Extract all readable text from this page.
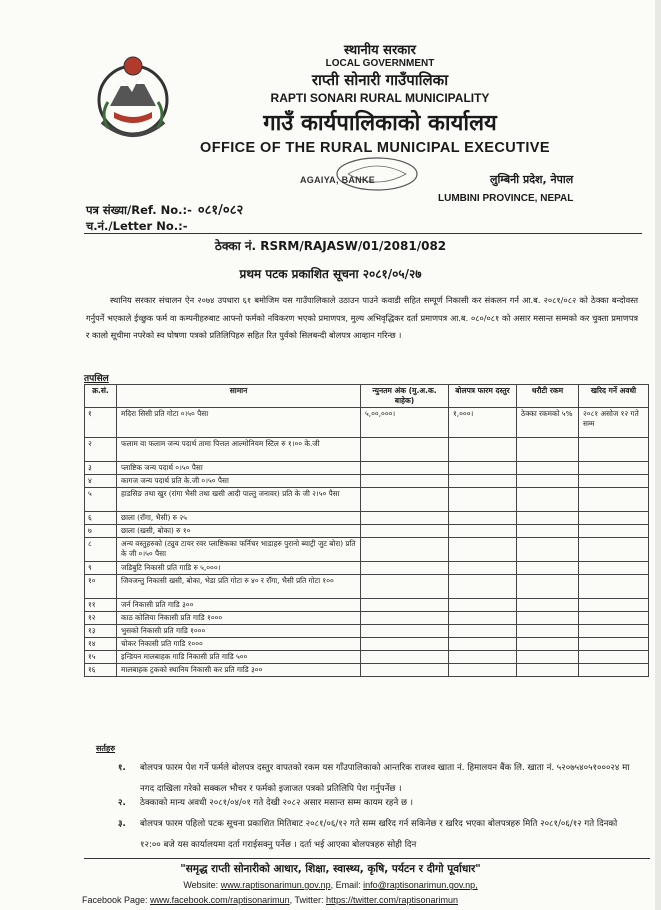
स्थानीय सरकार
LOCAL GOVERNMENT
राप्ती सोनारी गाउँपालिका
RAPTI SONARI RURAL MUNICIPALITY
गाउँ कार्यपालिकाको कार्यालय
OFFICE OF THE RURAL MUNICIPAL EXECUTIVE
AGAIYA, BANKE	लुम्बिनी प्रदेश, नेपाल
LUMBINI PROVINCE, NEPAL
पत्र संख्या/Ref. No.:- ०८१/०८२
च.नं./Letter No.:-
ठेक्का नं. RSRM/RAJASW/01/2081/082
प्रथम पटक प्रकाशित सूचना २०८१/०५/२७
स्थानिय सरकार संचालन ऐन २०७४ उपधारा ६१ बमोजिम यस गाउँपालिकाले उठाउन पाउने कवाडी सहित सम्पूर्ण निकासी कर संकलन गर्न आ.ब. २०८१/०८२ को ठेक्का बन्दोवस्त गर्नुपर्ने भएकाले ईच्छुक फर्म वा कम्पनीहरुबाट आफ्नो फर्मको नविकरण भएको प्रमाणपत्र, मुल्य अभिवृद्धिकर दर्ता प्रमाणपत्र आ.ब. ०८०/०८१ को असार मसान्त सम्मको कर चुक्ता प्रमाणपत्र र कालो सूचीमा नपरेको स्व घोषणा पत्रको प्रतिलिपिहरु सहित रित पुर्वको सिलबन्दी बोलपत्र आव्हान गरिन्छ ।
तपसिल
क्र.सं.	सामान	न्युनतम अंक (मु.अ.क. बाहेक)	बोलपत्र फारम दस्तुर	धरौटी रकम	खरिद गर्ने अवधी
१	मदिरा सिसी प्रति गोटा ०।५० पैसा	५,००,०००।	१,०००।	ठेक्का रकमको ५%	२०८१ असोज १२ गते सम्म
२	फलाम वा फलाम जन्य पदार्थ तामा पित्तल आल्मोनियम स्टिल रु १।०० के.जी				
३	प्लाष्टिक जन्य पदार्थ ०।५० पैसा				
४	कागज जन्य पदार्थ प्रति के.जी ०।५० पैसा				
५	हाडसिङ तथा खुर (रांगा भैसी तथा खसी आदी पाल्तु जनावर) प्रति के जी २।५० पैसा				
६	छाला (राँगा, भैसी) रु २५				
७	छाला (खसी, बोका) रु १०				
८	अन्य वस्तुहरुको (ट्युव टायर रवर प्लाष्टिकका फर्निचर भाडाहरु पुरानो ब्याट्री जुट बोरा) प्रति के जी ०।५० पैसा				
९	जडिबुटि निकासी प्रति गाडि रु ५,०००।				
१०	जिवजन्तु निकासी खसी, बोका, भेडा प्रति गोटा रु ४० र राँगा, भैसी प्रति गोटा १००				
११	जर्न निकासी प्रति गाडि ३००				
१२	काठ कोलिया निकासी प्रति गाडि १०००				
१३	भुसको निकासी प्रति गाडि १०००				
१४	चोकर निकासी प्रति गाडि १०००				
१५	इन्डियन मालबाहक गाडि निकासी प्रति गाडि ५००				
१६	मालबाहक ट्रकको स्थानिय निकासी कर प्रति गाडि ३००				
सर्तहरु
१. बोलपत्र फारम पेश गर्ने फर्मले बोलपत्र दस्तुर वापतको रकम यस गाँउपालिकाको आन्तरिक राजश्व खाता नं. हिमालयन बैंक लि. खाता नं. ५२०७५४०५१०००२४ मा नगद दाखिला गरेको सक्कल भौचर र फर्मको इजाजत पत्रको प्रतिलिपि पेश गर्नुपर्नेछ ।
२. ठेक्काको मान्य अवधी २०८१/०४/०१ गते देखी २०८२ असार मसान्त सम्म कायम रहने छ ।
३. बोलपत्र फारम पहिलो पटक सूचना प्रकाशित मितिबाट २०८१/०६/१२ गते सम्म खरिद गर्न सकिनेछ र खरिद भएका बोलपत्रहरु मिति २०८१/०६/१२ गते दिनको १२:०० बजे यस कार्यालयमा दर्ता गराईसक्नु पर्नेछ । दर्ता भई आएका बोलपत्रहरु सोही दिन
"समृद्ध राप्ती सोनारीको आधार, शिक्षा, स्वास्थ्य, कृषि, पर्यटन र दीगो पूर्वाधार"
Website: www.raptisonarimun.gov.np, Email: info@raptisonarimun.gov.np,
Facebook Page: www.facebook.com/raptisonarimun, Twitter: https://twitter.com/raptisonarimun
